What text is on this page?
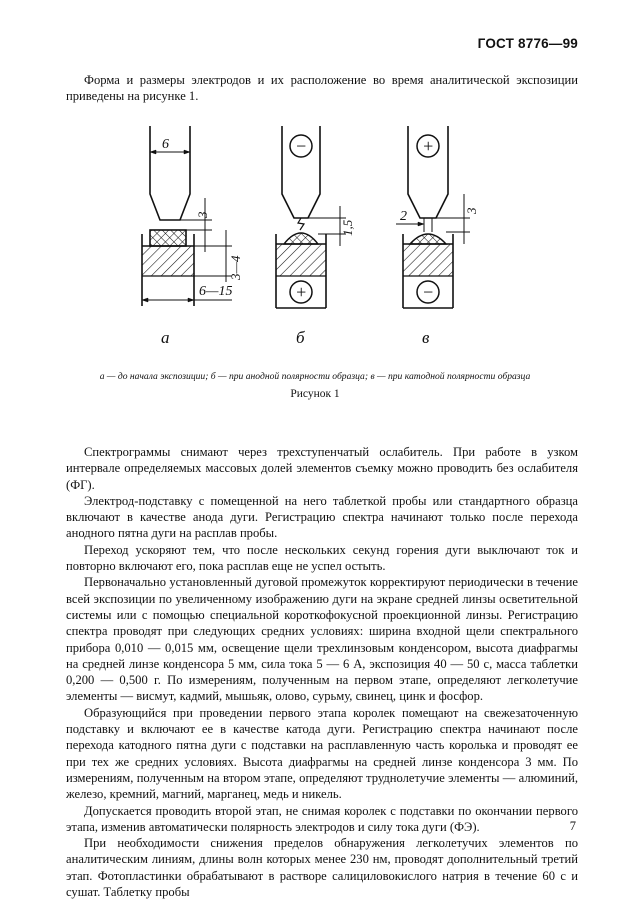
ГОСТ 8776—99

Форма и размеры электродов и их расположение во время аналитической экспозиции приведены на рисунке 1.

6
3
3—4
6—15
а
−
+
1,5
б
+
−
2	3
в

а — до начала экспозиции; б — при анодной полярности образца; в — при катодной полярности образца

Рисунок 1

Спектрограммы снимают через трехступенчатый ослабитель. При работе в узком интервале определяемых массовых долей элементов съемку можно проводить без ослабителя (ФГ).

Электрод-подставку с помещенной на него таблеткой пробы или стандартного образца включают в качестве анода дуги. Регистрацию спектра начинают только после перехода анодного пятна дуги на расплав пробы.

Переход ускоряют тем, что после нескольких секунд горения дуги выключают ток и повторно включают его, пока расплав еще не успел остыть.

Первоначально установленный дуговой промежуток корректируют периодически в течение всей экспозиции по увеличенному изображению дуги на экране средней линзы осветительной системы или с помощью специальной короткофокусной проекционной линзы. Регистрацию спектра проводят при следующих средних условиях: ширина входной щели спектрального прибора 0,010 — 0,015 мм, освещение щели трехлинзовым конденсором, высота диафрагмы на средней линзе конденсора 5 мм, сила тока 5 — 6 А, экспозиция 40 — 50 с, масса таблетки 0,200 — 0,500 г. По измерениям, полученным на первом этапе, определяют легколетучие элементы — висмут, кадмий, мышьяк, олово, сурьму, свинец, цинк и фосфор.

Образующийся при проведении первого этапа королек помещают на свежезаточенную подставку и включают ее в качестве катода дуги. Регистрацию спектра начинают после перехода катодного пятна дуги с подставки на расплавленную часть королька и проводят ее при тех же средних условиях. Высота диафрагмы на средней линзе конденсора 3 мм. По измерениям, полученным на втором этапе, определяют труднолетучие элементы — алюминий, железо, кремний, магний, марганец, медь и никель.

Допускается проводить второй этап, не снимая королек с подставки по окончании первого этапа, изменив автоматически полярность электродов и силу тока дуги (ФЭ).

При необходимости снижения пределов обнаружения легколетучих элементов по аналитическим линиям, длины волн которых менее 230 нм, проводят дополнительный третий этап. Фотопластинки обрабатывают в растворе салициловокислого натрия в течение 60 с и сушат. Таблетку пробы

7
